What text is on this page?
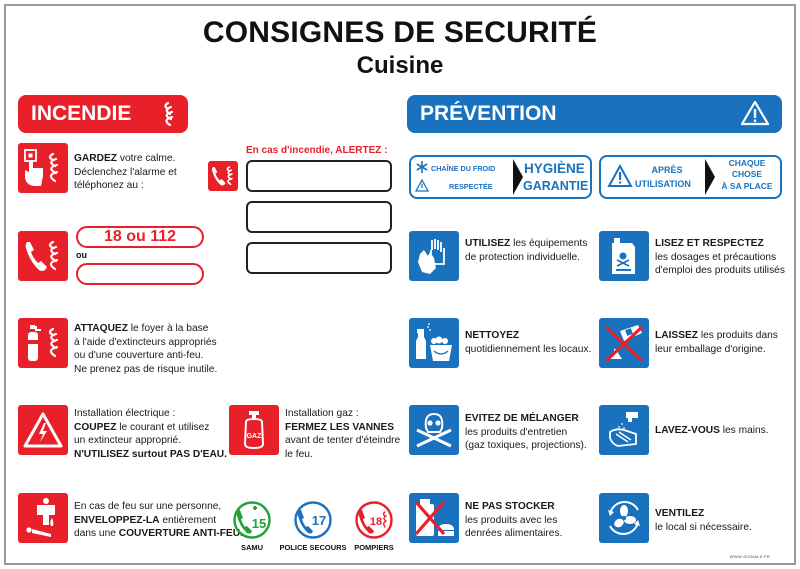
CONSIGNES DE SECURITÉ
Cuisine
INCENDIE	PRÉVENTION
GARDEZ votre calme.
Déclenchez l'alarme et
téléphonez au :
18 ou 112
ou
En cas d'incendie, ALERTEZ :
ATTAQUEZ le foyer à la base
à l'aide d'extincteurs appropriés
ou d'une couverture anti-feu.
Ne prenez pas de risque inutile.
Installation électrique :
COUPEZ le courant et utilisez
un extincteur approprié.
N'UTILISEZ surtout PAS D'EAU.
GAZ
Installation gaz :
FERMEZ LES VANNES
avant de tenter d'éteindre
le feu.
En cas de feu sur une personne,
ENVELOPPEZ-LA entièrement
dans une COUVERTURE ANTI-FEU.
15
SAMU
17
POLICE SECOURS
18
POMPIERS
CHAÎNE DU FROID
RESPECTÉE
HYGIÈNE
GARANTIE
APRÈS
UTILISATION
CHAQUE
CHOSE
À SA PLACE
UTILISEZ les équipements
de protection individuelle.
LISEZ ET RESPECTEZ
les dosages et précautions
d'emploi des produits utilisés
NETTOYEZ
quotidiennement les locaux.
LAISSEZ les produits dans
leur emballage d'origine.
EVITEZ DE MÉLANGER
les produits d'entretien
(gaz toxiques, projections).
LAVEZ-VOUS les mains.
NE PAS STOCKER
les produits avec les
denrées alimentaires.
VENTILEZ
le local si nécessaire.
WWW.SIGNALS.FR
